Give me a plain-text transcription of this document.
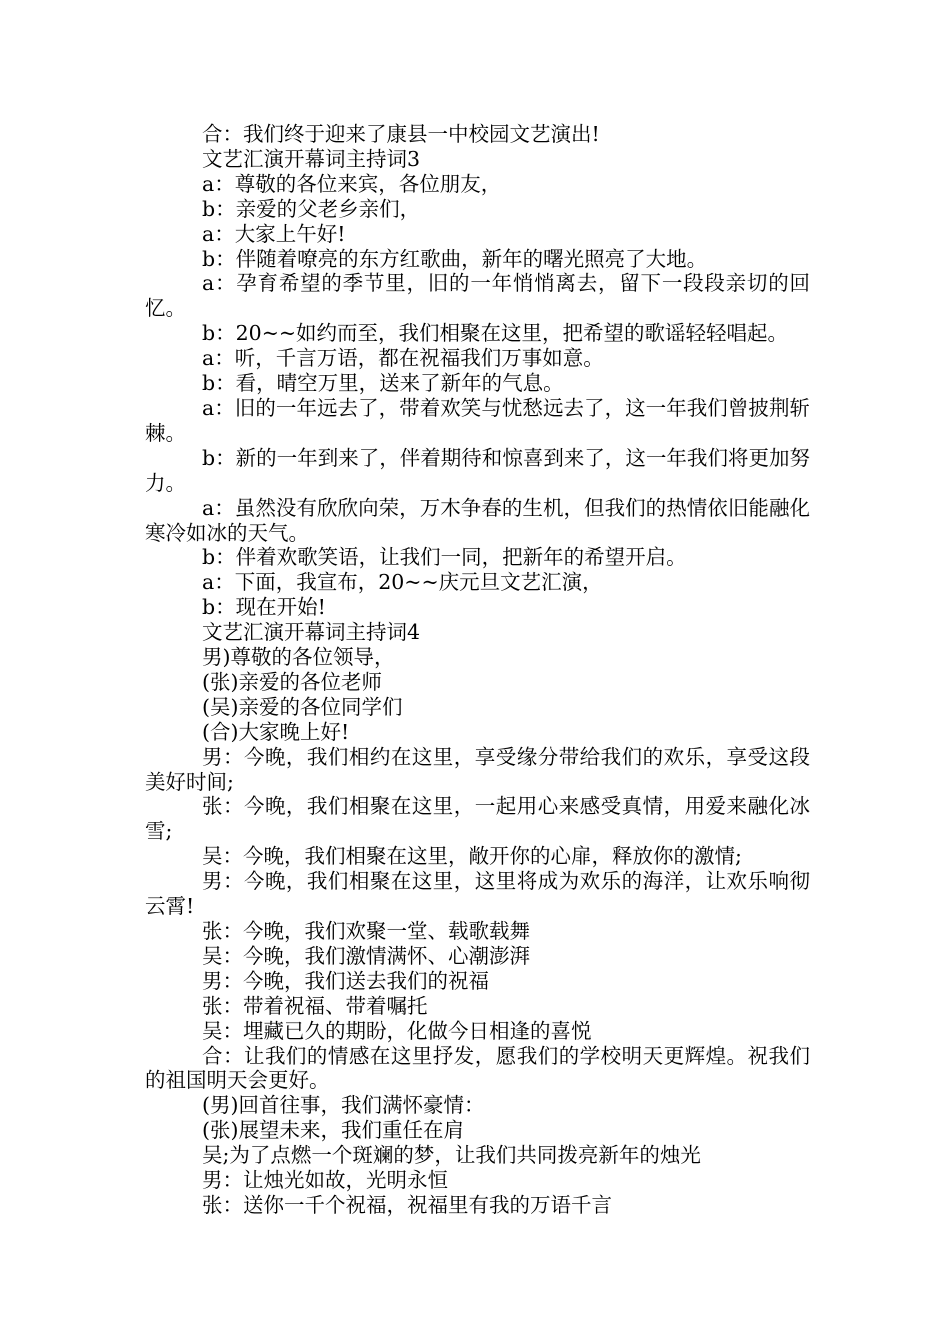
合：我们终于迎来了康县一中校园文艺演出!

文艺汇演开幕词主持词3

a：尊敬的各位来宾，各位朋友，

b：亲爱的父老乡亲们，

a：大家上午好!

b：伴随着嘹亮的东方红歌曲，新年的曙光照亮了大地。

a：孕育希望的季节里，旧的一年悄悄离去，留下一段段亲切的回忆。

b：20~~如约而至，我们相聚在这里，把希望的歌谣轻轻唱起。

a：听，千言万语，都在祝福我们万事如意。

b：看，晴空万里，送来了新年的气息。

a：旧的一年远去了，带着欢笑与忧愁远去了，这一年我们曾披荆斩棘。

b：新的一年到来了，伴着期待和惊喜到来了，这一年我们将更加努力。

a：虽然没有欣欣向荣，万木争春的生机，但我们的热情依旧能融化寒冷如冰的天气。

b：伴着欢歌笑语，让我们一同，把新年的希望开启。

a：下面，我宣布，20~~庆元旦文艺汇演，

b：现在开始!

文艺汇演开幕词主持词4

男)尊敬的各位领导，

(张)亲爱的各位老师

(吴)亲爱的各位同学们

(合)大家晚上好!

男：今晚，我们相约在这里，享受缘分带给我们的欢乐，享受这段美好时间;

张：今晚，我们相聚在这里，一起用心来感受真情，用爱来融化冰雪;

吴：今晚，我们相聚在这里，敞开你的心扉，释放你的激情;

男：今晚，我们相聚在这里，这里将成为欢乐的海洋，让欢乐响彻云霄!

张：今晚，我们欢聚一堂、载歌载舞

吴：今晚，我们激情满怀、心潮澎湃

男：今晚，我们送去我们的祝福

张：带着祝福、带着嘱托

吴：埋藏已久的期盼，化做今日相逢的喜悦

合：让我们的情感在这里抒发，愿我们的学校明天更辉煌。祝我们的祖国明天会更好。

(男)回首往事，我们满怀豪情：

(张)展望未来，我们重任在肩

吴;为了点燃一个斑斓的梦，让我们共同拨亮新年的烛光

男：让烛光如故，光明永恒

张：送你一千个祝福，祝福里有我的万语千言
